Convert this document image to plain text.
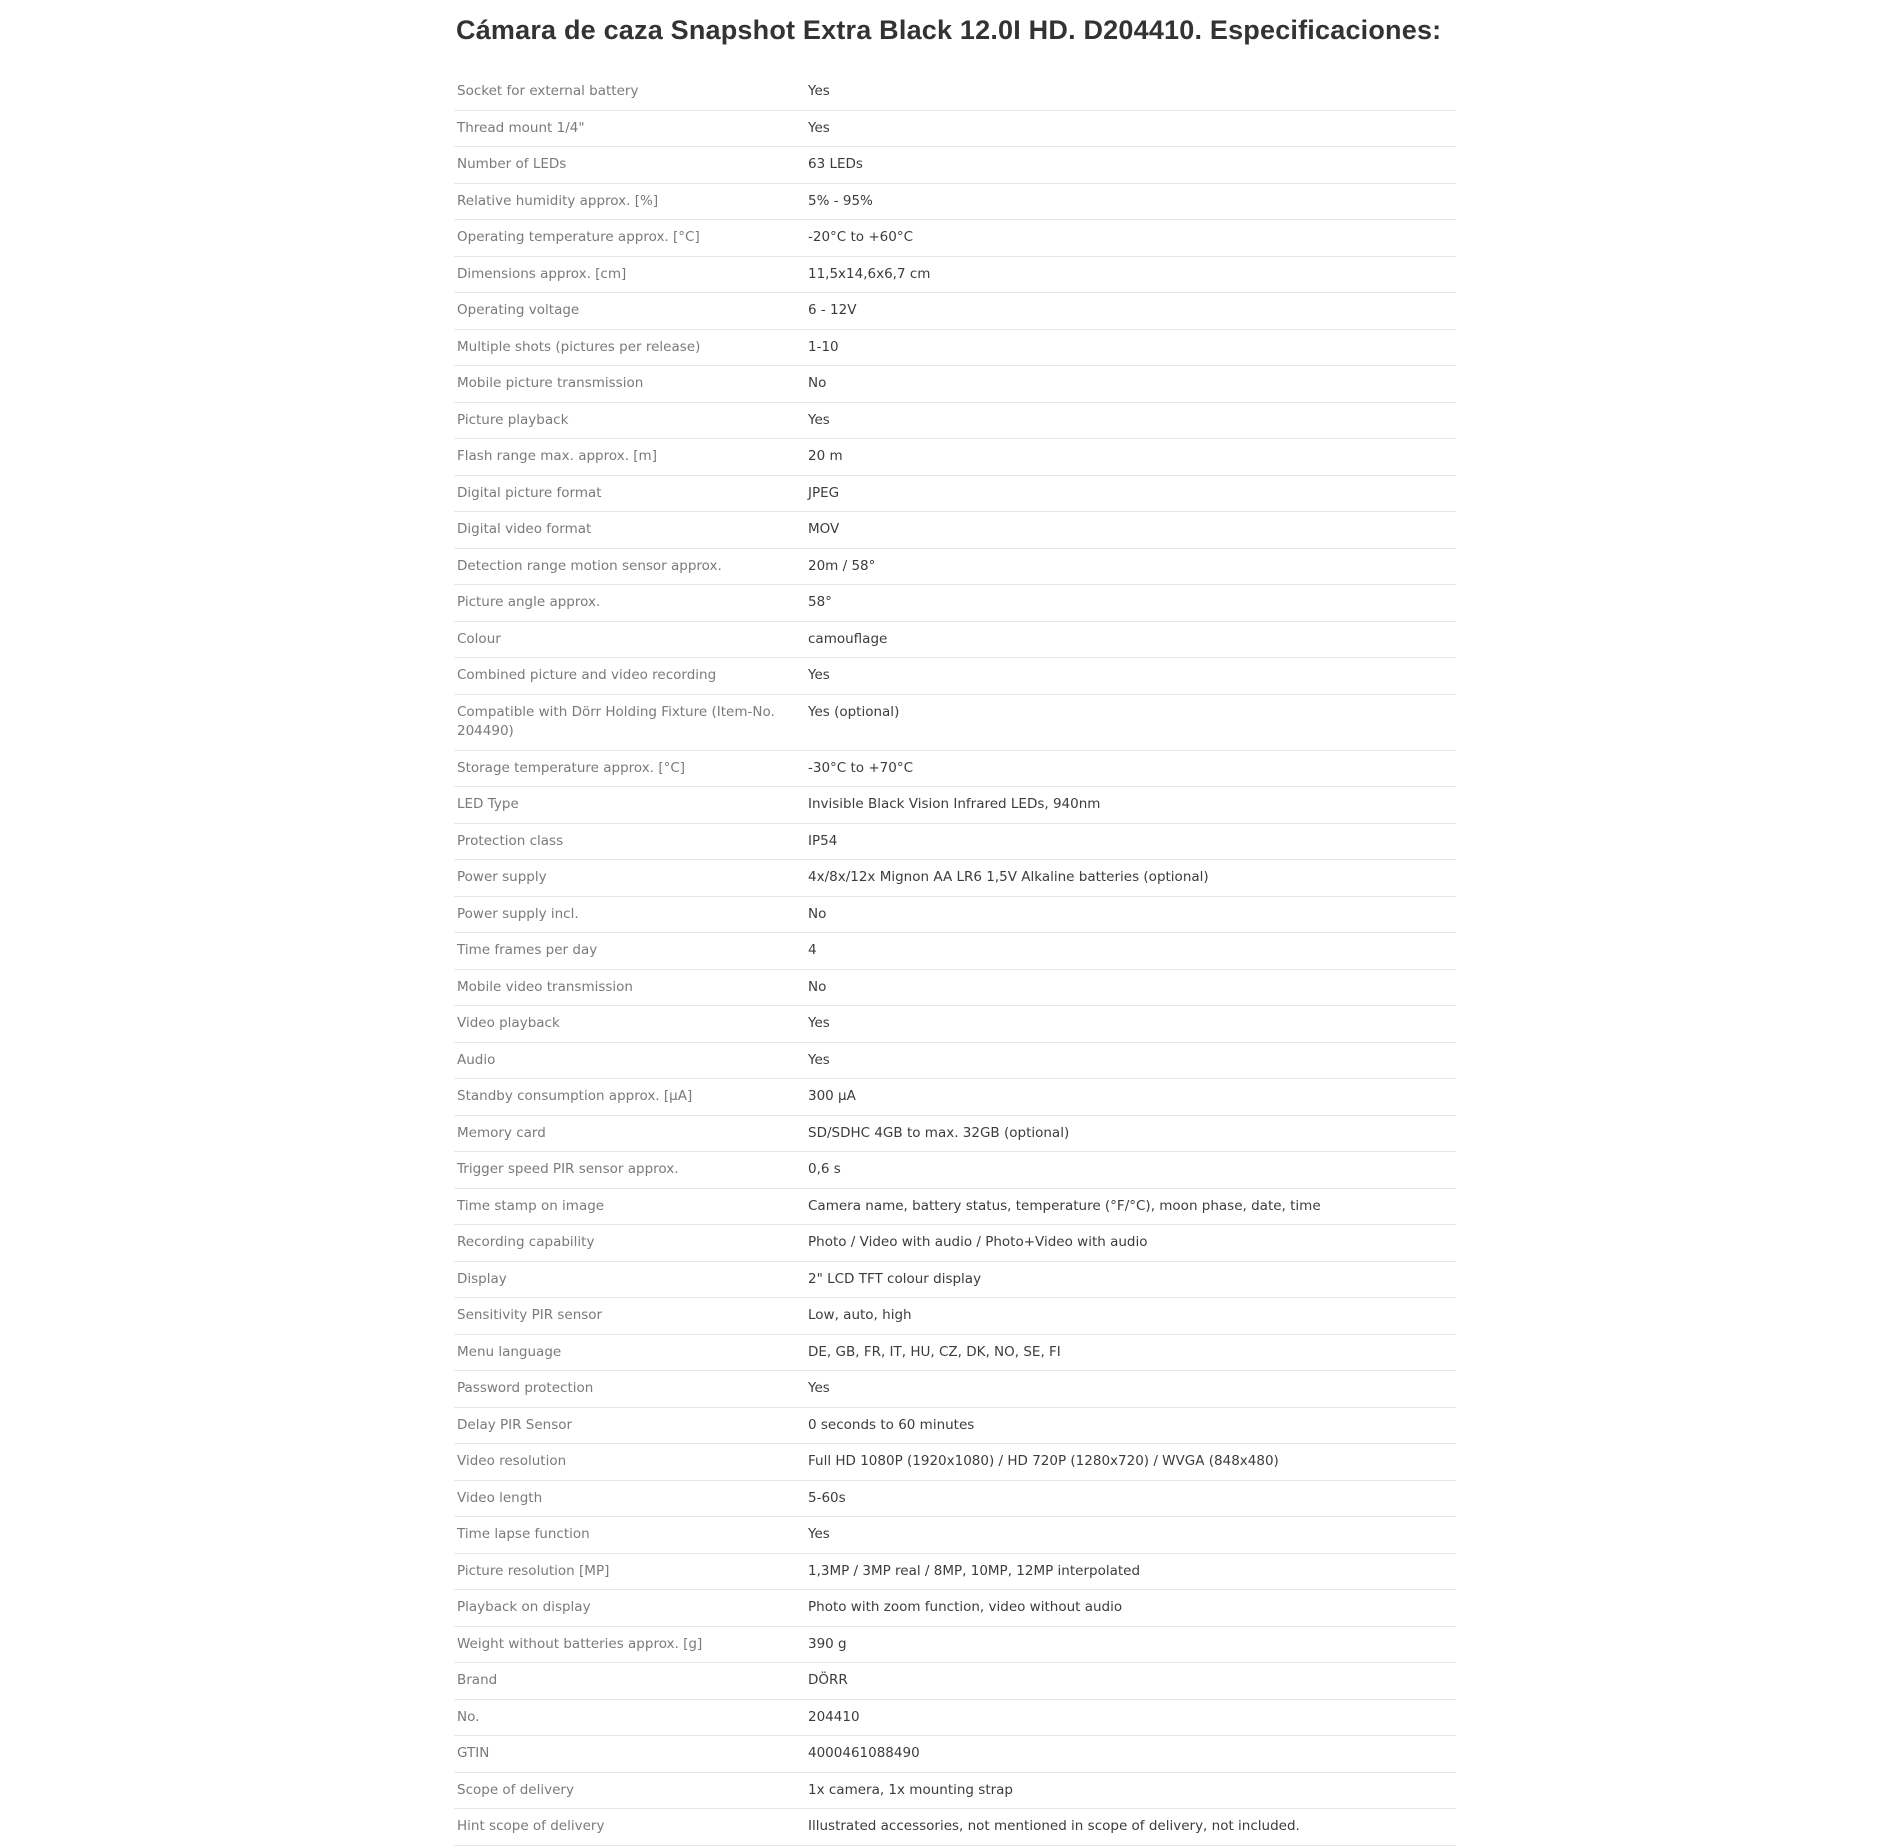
Cámara de caza Snapshot Extra Black 12.0I HD. D204410. Especificaciones:
Socket for external battery	Yes
Thread mount 1/4"	Yes
Number of LEDs	63 LEDs
Relative humidity approx. [%]	5% - 95%
Operating temperature approx. [°C]	-20°C to +60°C
Dimensions approx. [cm]	11,5x14,6x6,7 cm
Operating voltage	6 - 12V
Multiple shots (pictures per release)	1-10
Mobile picture transmission	No
Picture playback	Yes
Flash range max. approx. [m]	20 m
Digital picture format	JPEG
Digital video format	MOV
Detection range motion sensor approx.	20m / 58°
Picture angle approx.	58°
Colour	camouflage
Combined picture and video recording	Yes
Compatible with Dörr Holding Fixture (Item-No. 204490)	Yes (optional)
Storage temperature approx. [°C]	-30°C to +70°C
LED Type	Invisible Black Vision Infrared LEDs, 940nm
Protection class	IP54
Power supply	4x/8x/12x Mignon AA LR6 1,5V Alkaline batteries (optional)
Power supply incl.	No
Time frames per day	4
Mobile video transmission	No
Video playback	Yes
Audio	Yes
Standby consumption approx. [μA]	300 μA
Memory card	SD/SDHC 4GB to max. 32GB (optional)
Trigger speed PIR sensor approx.	0,6 s
Time stamp on image	Camera name, battery status, temperature (°F/°C), moon phase, date, time
Recording capability	Photo / Video with audio / Photo+Video with audio
Display	2" LCD TFT colour display
Sensitivity PIR sensor	Low, auto, high
Menu language	DE, GB, FR, IT, HU, CZ, DK, NO, SE, FI
Password protection	Yes
Delay PIR Sensor	0 seconds to 60 minutes
Video resolution	Full HD 1080P (1920x1080) / HD 720P (1280x720) / WVGA (848x480)
Video length	5-60s
Time lapse function	Yes
Picture resolution [MP]	1,3MP / 3MP real / 8MP, 10MP, 12MP interpolated
Playback on display	Photo with zoom function, video without audio
Weight without batteries approx. [g]	390 g
Brand	DÖRR
No.	204410
GTIN	4000461088490
Scope of delivery	1x camera, 1x mounting strap
Hint scope of delivery	Illustrated accessories, not mentioned in scope of delivery, not included.
